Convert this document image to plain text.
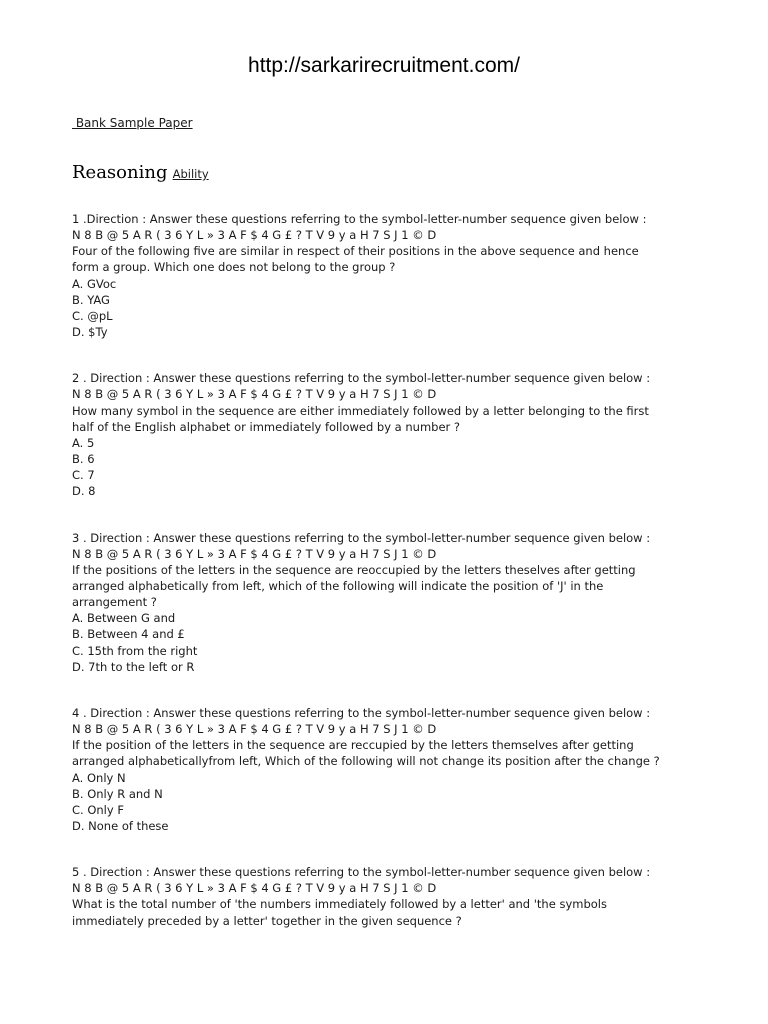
http://sarkarirecruitment.com/
Bank Sample Paper
Reasoning Ability

1 .Direction : Answer these questions referring to the symbol-letter-number sequence given below :

N 8 B @ 5 A R ( 3 6 Y L » 3 A F $ 4 G £ ? T V 9 y a H 7 S J 1 © D

Four of the following five are similar in respect of their positions in the above sequence and hence

form a group. Which one does not belong to the group ?

A. GVoc

B. YAG

C. @pL

D. $Ty

2 . Direction : Answer these questions referring to the symbol-letter-number sequence given below :

N 8 B @ 5 A R ( 3 6 Y L » 3 A F $ 4 G £ ? T V 9 y a H 7 S J 1 © D

How many symbol in the sequence are either immediately followed by a letter belonging to the first

half of the English alphabet or immediately followed by a number ?

A. 5

B. 6

C. 7

D. 8

3 . Direction : Answer these questions referring to the symbol-letter-number sequence given below :

N 8 B @ 5 A R ( 3 6 Y L » 3 A F $ 4 G £ ? T V 9 y a H 7 S J 1 © D

If the positions of the letters in the sequence are reoccupied by the letters theselves after getting

arranged alphabetically from left, which of the following will indicate the position of 'J' in the

arrangement ?

A. Between G and

B. Between 4 and £

C. 15th from the right

D. 7th to the left or R

4 . Direction : Answer these questions referring to the symbol-letter-number sequence given below :

N 8 B @ 5 A R ( 3 6 Y L » 3 A F $ 4 G £ ? T V 9 y a H 7 S J 1 © D

If the position of the letters in the sequence are reccupied by the letters themselves after getting

arranged alphabeticallyfrom left, Which of the following will not change its position after the change ?

A. Only N

B. Only R and N

C. Only F

D. None of these

5 . Direction : Answer these questions referring to the symbol-letter-number sequence given below :

N 8 B @ 5 A R ( 3 6 Y L » 3 A F $ 4 G £ ? T V 9 y a H 7 S J 1 © D

What is the total number of 'the numbers immediately followed by a letter' and 'the symbols

immediately preceded by a letter' together in the given sequence ?
